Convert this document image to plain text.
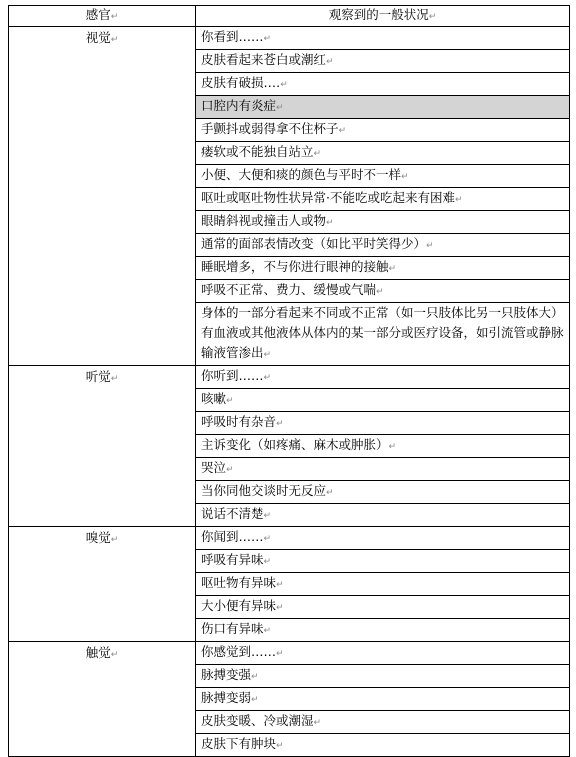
感官↵	观察到的一般状况↵
视觉↵	你看到……↵
	皮肤看起来苍白或潮红↵
	皮肤有破损‥‥↵
	口腔内有炎症↵
	手颤抖或弱得拿不住杯子↵
	瘘软或不能独自站立↵
	小便、大便和痰的颜色与平时不一样↵
	呕吐或呕吐物性状异常·不能吃或吃起来有困难↵
	眼睛斜视或撞击人或物↵
	通常的面部表情改变（如比平时笑得少）↵
	睡眠增多，不与你进行眼神的接触↵
	呼吸不正常、费力、缓慢或气喘↵
	身体的一部分看起来不同或不正常（如一只肢体比另一只肢体大）有血液或其他液体从体内的某一部分或医疗设备，如引流管或静脉输液管渗出↵
听觉↵	你听到……↵
	咳嗽↵
	呼吸时有杂音↵
	主诉变化（如疼痛、麻木或肿胀）↵
	哭泣↵
	当你同他交谈时无反应↵
	说话不清楚↵
嗅觉↵	你闻到……↵
	呼吸有异味↵
	呕吐物有异味↵
	大小便有异味↵
	伤口有异味↵
触觉↵	你感觉到……↵
	脉搏变强↵
	脉搏变弱↵
	皮肤变暖、冷或潮湿↵
	皮肤下有肿块↵
